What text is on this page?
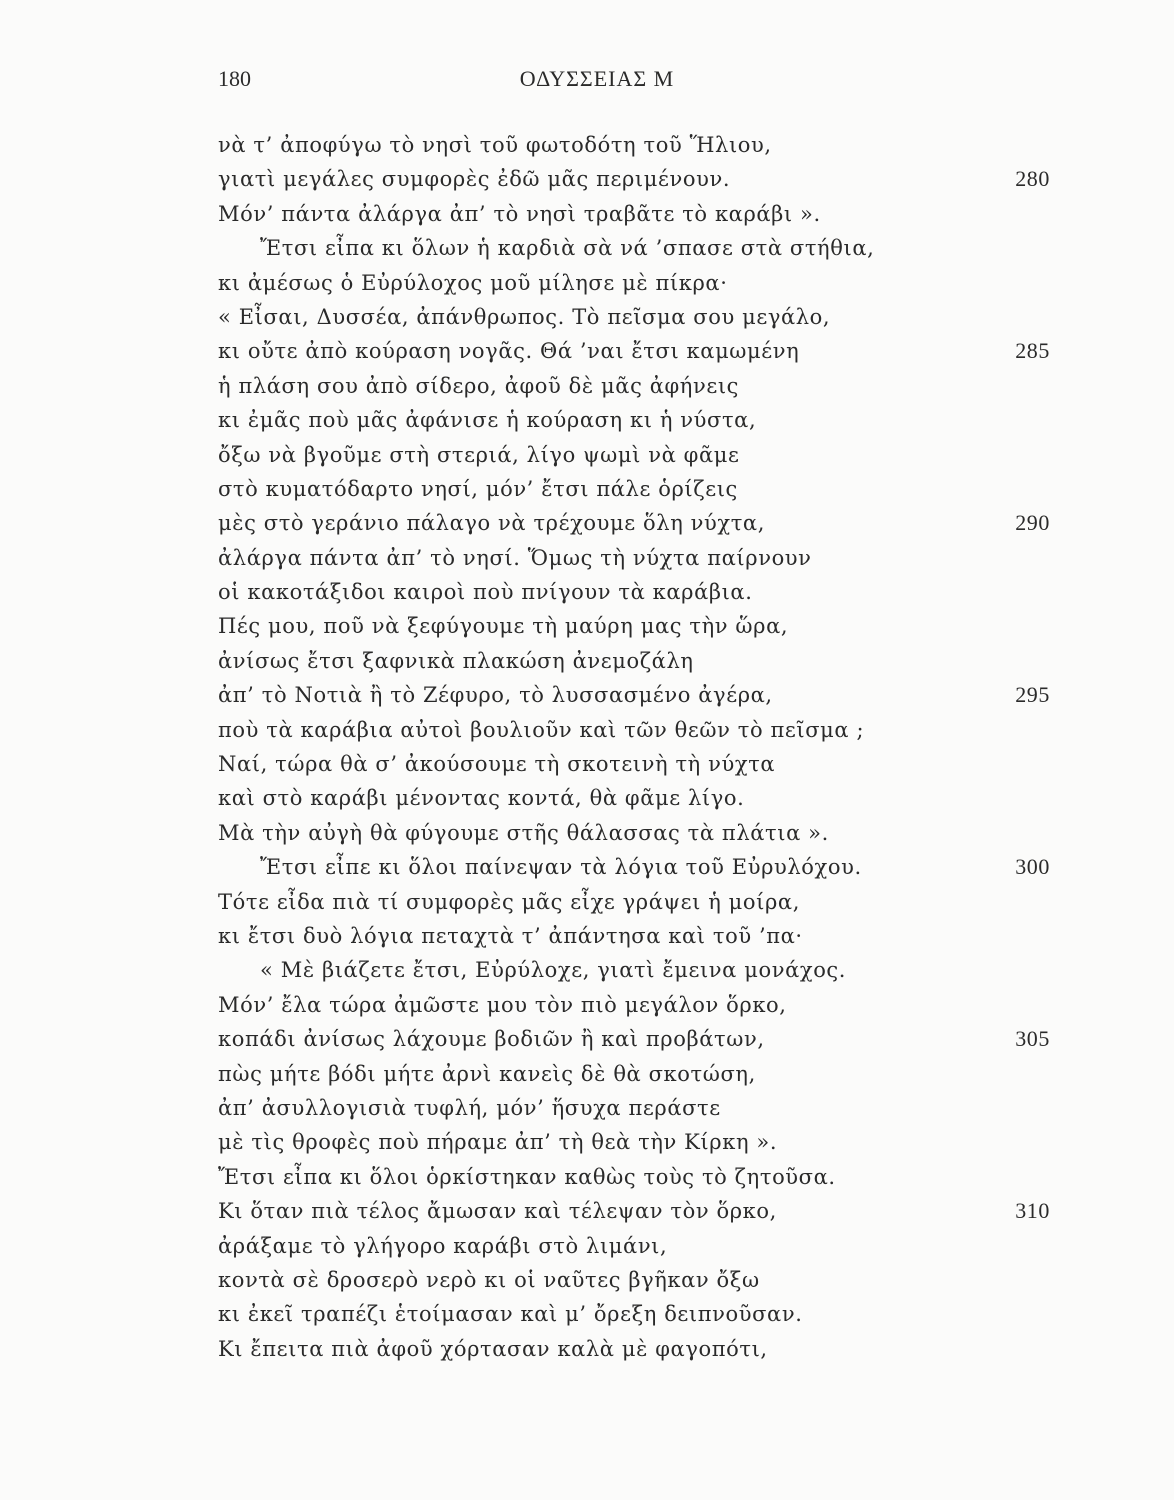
180	ΟΔΥΣΣΕΙΑΣ Μ
νὰ τ’ ἀποφύγω τὸ νησὶ τοῦ φωτοδότη τοῦ Ἥλιου,
γιατὶ μεγάλες συμφορὲς ἐδῶ μᾶς περιμένουν.	280
Μόν’ πάντα ἀλάργα ἀπ’ τὸ νησὶ τραβᾶτε τὸ καράβι ».
Ἔτσι εἶπα κι ὅλων ἡ καρδιὰ σὰ νά ’σπασε στὰ στήθια,
κι ἀμέσως ὁ Εὐρύλοχος μοῦ μίλησε μὲ πίκρα·
« Εἶσαι, Δυσσέα, ἀπάνθρωπος. Τὸ πεῖσμα σου μεγάλο,
κι οὔτε ἀπὸ κούραση νογᾶς. Θά ’ναι ἔτσι καμωμένη	285
ἡ πλάση σου ἀπὸ σίδερο, ἀφοῦ δὲ μᾶς ἀφήνεις
κι ἐμᾶς ποὺ μᾶς ἀφάνισε ἡ κούραση κι ἡ νύστα,
ὄξω νὰ βγοῦμε στὴ στεριά, λίγο ψωμὶ νὰ φᾶμε
στὸ κυματόδαρτο νησί, μόν’ ἔτσι πάλε ὁρίζεις
μὲς στὸ γεράνιο πάλαγο νὰ τρέχουμε ὅλη νύχτα,	290
ἀλάργα πάντα ἀπ’ τὸ νησί. Ὅμως τὴ νύχτα παίρνουν
οἱ κακοτάξιδοι καιροὶ ποὺ πνίγουν τὰ καράβια.
Πές μου, ποῦ νὰ ξεφύγουμε τὴ μαύρη μας τὴν ὥρα,
ἀνίσως ἔτσι ξαφνικὰ πλακώση ἀνεμοζάλη
ἀπ’ τὸ Νοτιὰ ἢ τὸ Ζέφυρο, τὸ λυσσασμένο ἀγέρα,	295
ποὺ τὰ καράβια αὐτοὶ βουλιοῦν καὶ τῶν θεῶν τὸ πεῖσμα ;
Ναί, τώρα θὰ σ’ ἀκούσουμε τὴ σκοτεινὴ τὴ νύχτα
καὶ στὸ καράβι μένοντας κοντά, θὰ φᾶμε λίγο.
Μὰ τὴν αὐγὴ θὰ φύγουμε στῆς θάλασσας τὰ πλάτια ».
Ἔτσι εἶπε κι ὅλοι παίνεψαν τὰ λόγια τοῦ Εὐρυλόχου.	300
Τότε εἶδα πιὰ τί συμφορὲς μᾶς εἶχε γράψει ἡ μοίρα,
κι ἔτσι δυὸ λόγια πεταχτὰ τ’ ἀπάντησα καὶ τοῦ ’πα·
« Μὲ βιάζετε ἔτσι, Εὐρύλοχε, γιατὶ ἔμεινα μονάχος.
Μόν’ ἔλα τώρα ἀμῶστε μου τὸν πιὸ μεγάλον ὅρκο,
κοπάδι ἀνίσως λάχουμε βοδιῶν ἢ καὶ προβάτων,	305
πὼς μήτε βόδι μήτε ἀρνὶ κανεὶς δὲ θὰ σκοτώση,
ἀπ’ ἀσυλλογισιὰ τυφλή, μόν’ ἥσυχα περάστε
μὲ τὶς θροφὲς ποὺ πήραμε ἀπ’ τὴ θεὰ τὴν Κίρκη ».
Ἔτσι εἶπα κι ὅλοι ὁρκίστηκαν καθὼς τοὺς τὸ ζητοῦσα.
Κι ὅταν πιὰ τέλος ἄμωσαν καὶ τέλεψαν τὸν ὅρκο,	310
ἀράξαμε τὸ γλήγορο καράβι στὸ λιμάνι,
κοντὰ σὲ δροσερὸ νερὸ κι οἱ ναῦτες βγῆκαν ὄξω
κι ἐκεῖ τραπέζι ἑτοίμασαν καὶ μ’ ὄρεξη δειπνοῦσαν.
Κι ἔπειτα πιὰ ἀφοῦ χόρτασαν καλὰ μὲ φαγοπότι,
